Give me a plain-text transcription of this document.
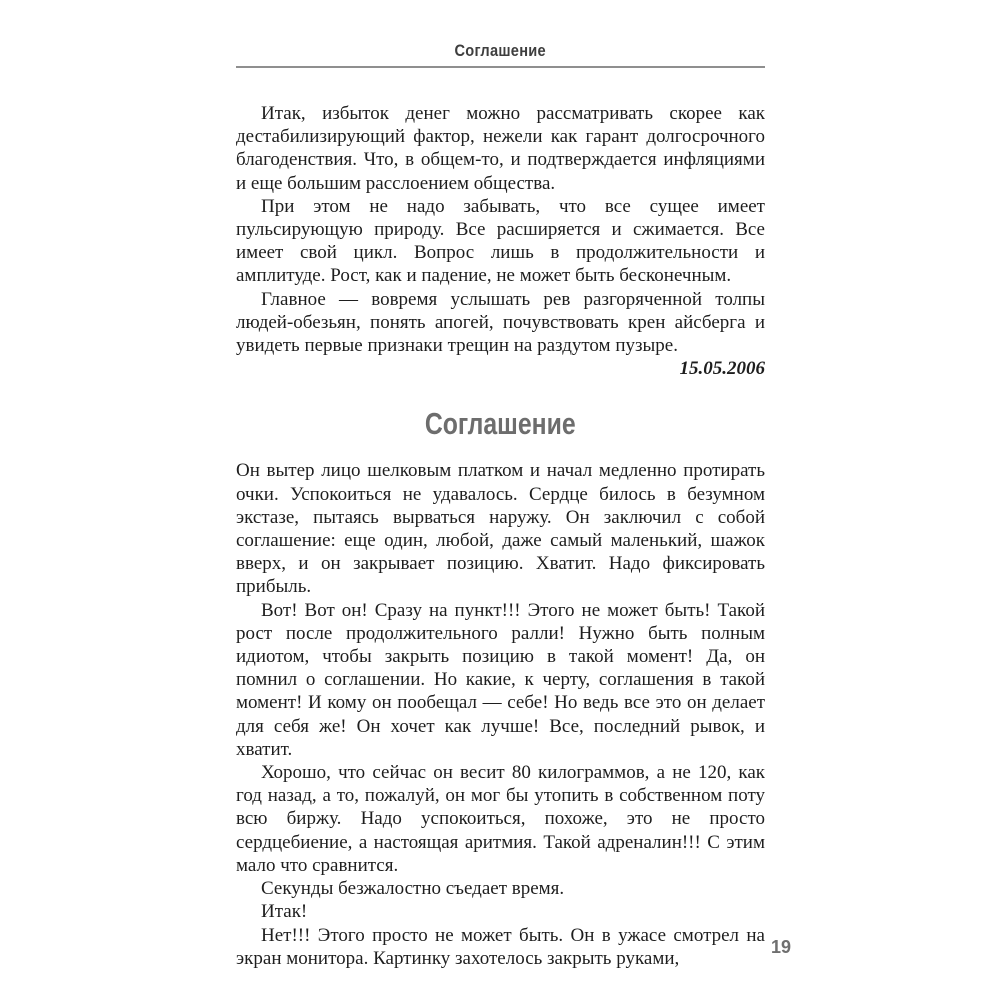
Соглашение

Итак, избыток денег можно рассматривать скорее как дестабилизирующий фактор, нежели как гарант долгосрочного благоденствия. Что, в общем-то, и подтверждается инфляциями и еще большим расслоением общества.

При этом не надо забывать, что все сущее имеет пульсирующую природу. Все расширяется и сжимается. Все имеет свой цикл. Вопрос лишь в продолжительности и амплитуде. Рост, как и падение, не может быть бесконечным.

Главное — вовремя услышать рев разгоряченной толпы людей-обезьян, понять апогей, почувствовать крен айсберга и увидеть первые признаки трещин на раздутом пузыре.

15.05.2006

Соглашение

Он вытер лицо шелковым платком и начал медленно протирать очки. Успокоиться не удавалось. Сердце билось в безумном экстазе, пытаясь вырваться наружу. Он заключил с собой соглашение: еще один, любой, даже самый маленький, шажок вверх, и он закрывает позицию. Хватит. Надо фиксировать прибыль.

Вот! Вот он! Сразу на пункт!!! Этого не может быть! Такой рост после продолжительного ралли! Нужно быть полным идиотом, чтобы закрыть позицию в такой момент! Да, он помнил о соглашении. Но какие, к черту, соглашения в такой момент! И кому он пообещал — себе! Но ведь все это он делает для себя же! Он хочет как лучше! Все, последний рывок, и хватит.

Хорошо, что сейчас он весит 80 килограммов, а не 120, как год назад, а то, пожалуй, он мог бы утопить в собственном поту всю биржу. Надо успокоиться, похоже, это не просто сердцебиение, а настоящая аритмия. Такой адреналин!!! С этим мало что сравнится.

Секунды безжалостно съедает время.

Итак!

Нет!!! Этого просто не может быть. Он в ужасе смотрел на экран монитора. Картинку захотелось закрыть руками,

19
